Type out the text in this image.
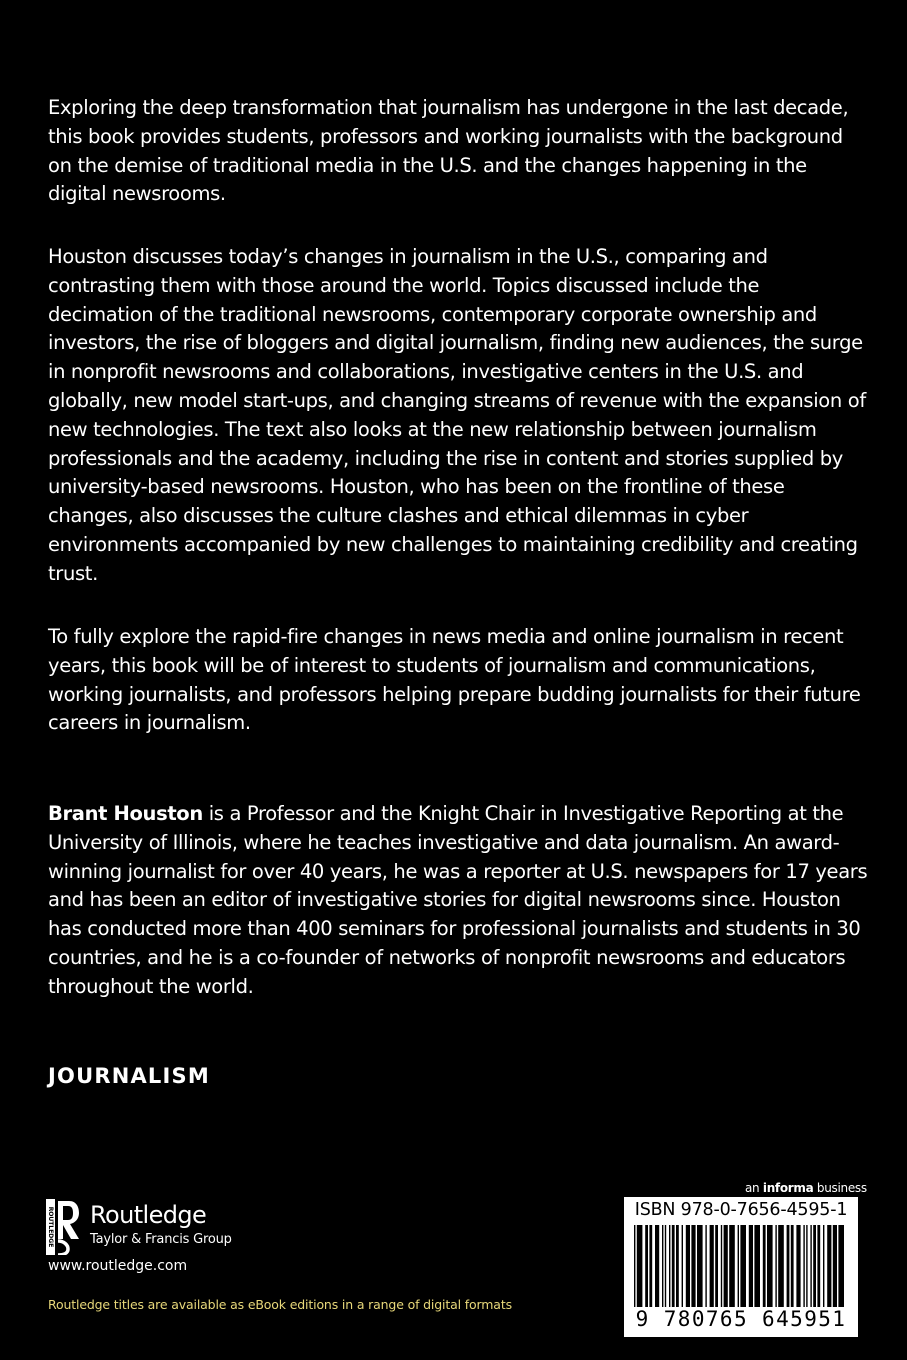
Exploring the deep transformation that journalism has undergone in the last decade, this book provides students, professors and working journalists with the background on the demise of traditional media in the U.S. and the changes happening in the digital newsrooms.

Houston discusses today’s changes in journalism in the U.S., comparing and contrasting them with those around the world. Topics discussed include the decimation of the traditional newsrooms, contemporary corporate ownership and investors, the rise of bloggers and digital journalism, finding new audiences, the surge in nonprofit newsrooms and collaborations, investigative centers in the U.S. and globally, new model start-ups, and changing streams of revenue with the expansion of new technologies. The text also looks at the new relationship between journalism professionals and the academy, including the rise in content and stories supplied by university-based newsrooms. Houston, who has been on the frontline of these changes, also discusses the culture clashes and ethical dilemmas in cyber environments accompanied by new challenges to maintaining credibility and creating trust.

To fully explore the rapid-fire changes in news media and online journalism in recent years, this book will be of interest to students of journalism and communications, working journalists, and professors helping prepare budding journalists for their future careers in journalism.

Brant Houston is a Professor and the Knight Chair in Investigative Reporting at the University of Illinois, where he teaches investigative and data journalism. An award-winning journalist for over 40 years, he was a reporter at U.S. newspapers for 17 years and has been an editor of investigative stories for digital newsrooms since. Houston has conducted more than 400 seminars for professional journalists and students in 30 countries, and he is a co-founder of networks of nonprofit newsrooms and educators throughout the world.

JOURNALISM

ROUTLEDGE Routledge
Taylor & Francis Group
www.routledge.com
Routledge titles are available as eBook editions in a range of digital formats
an informa business
ISBN 978-0-7656-4595-1
9 780765 645951
